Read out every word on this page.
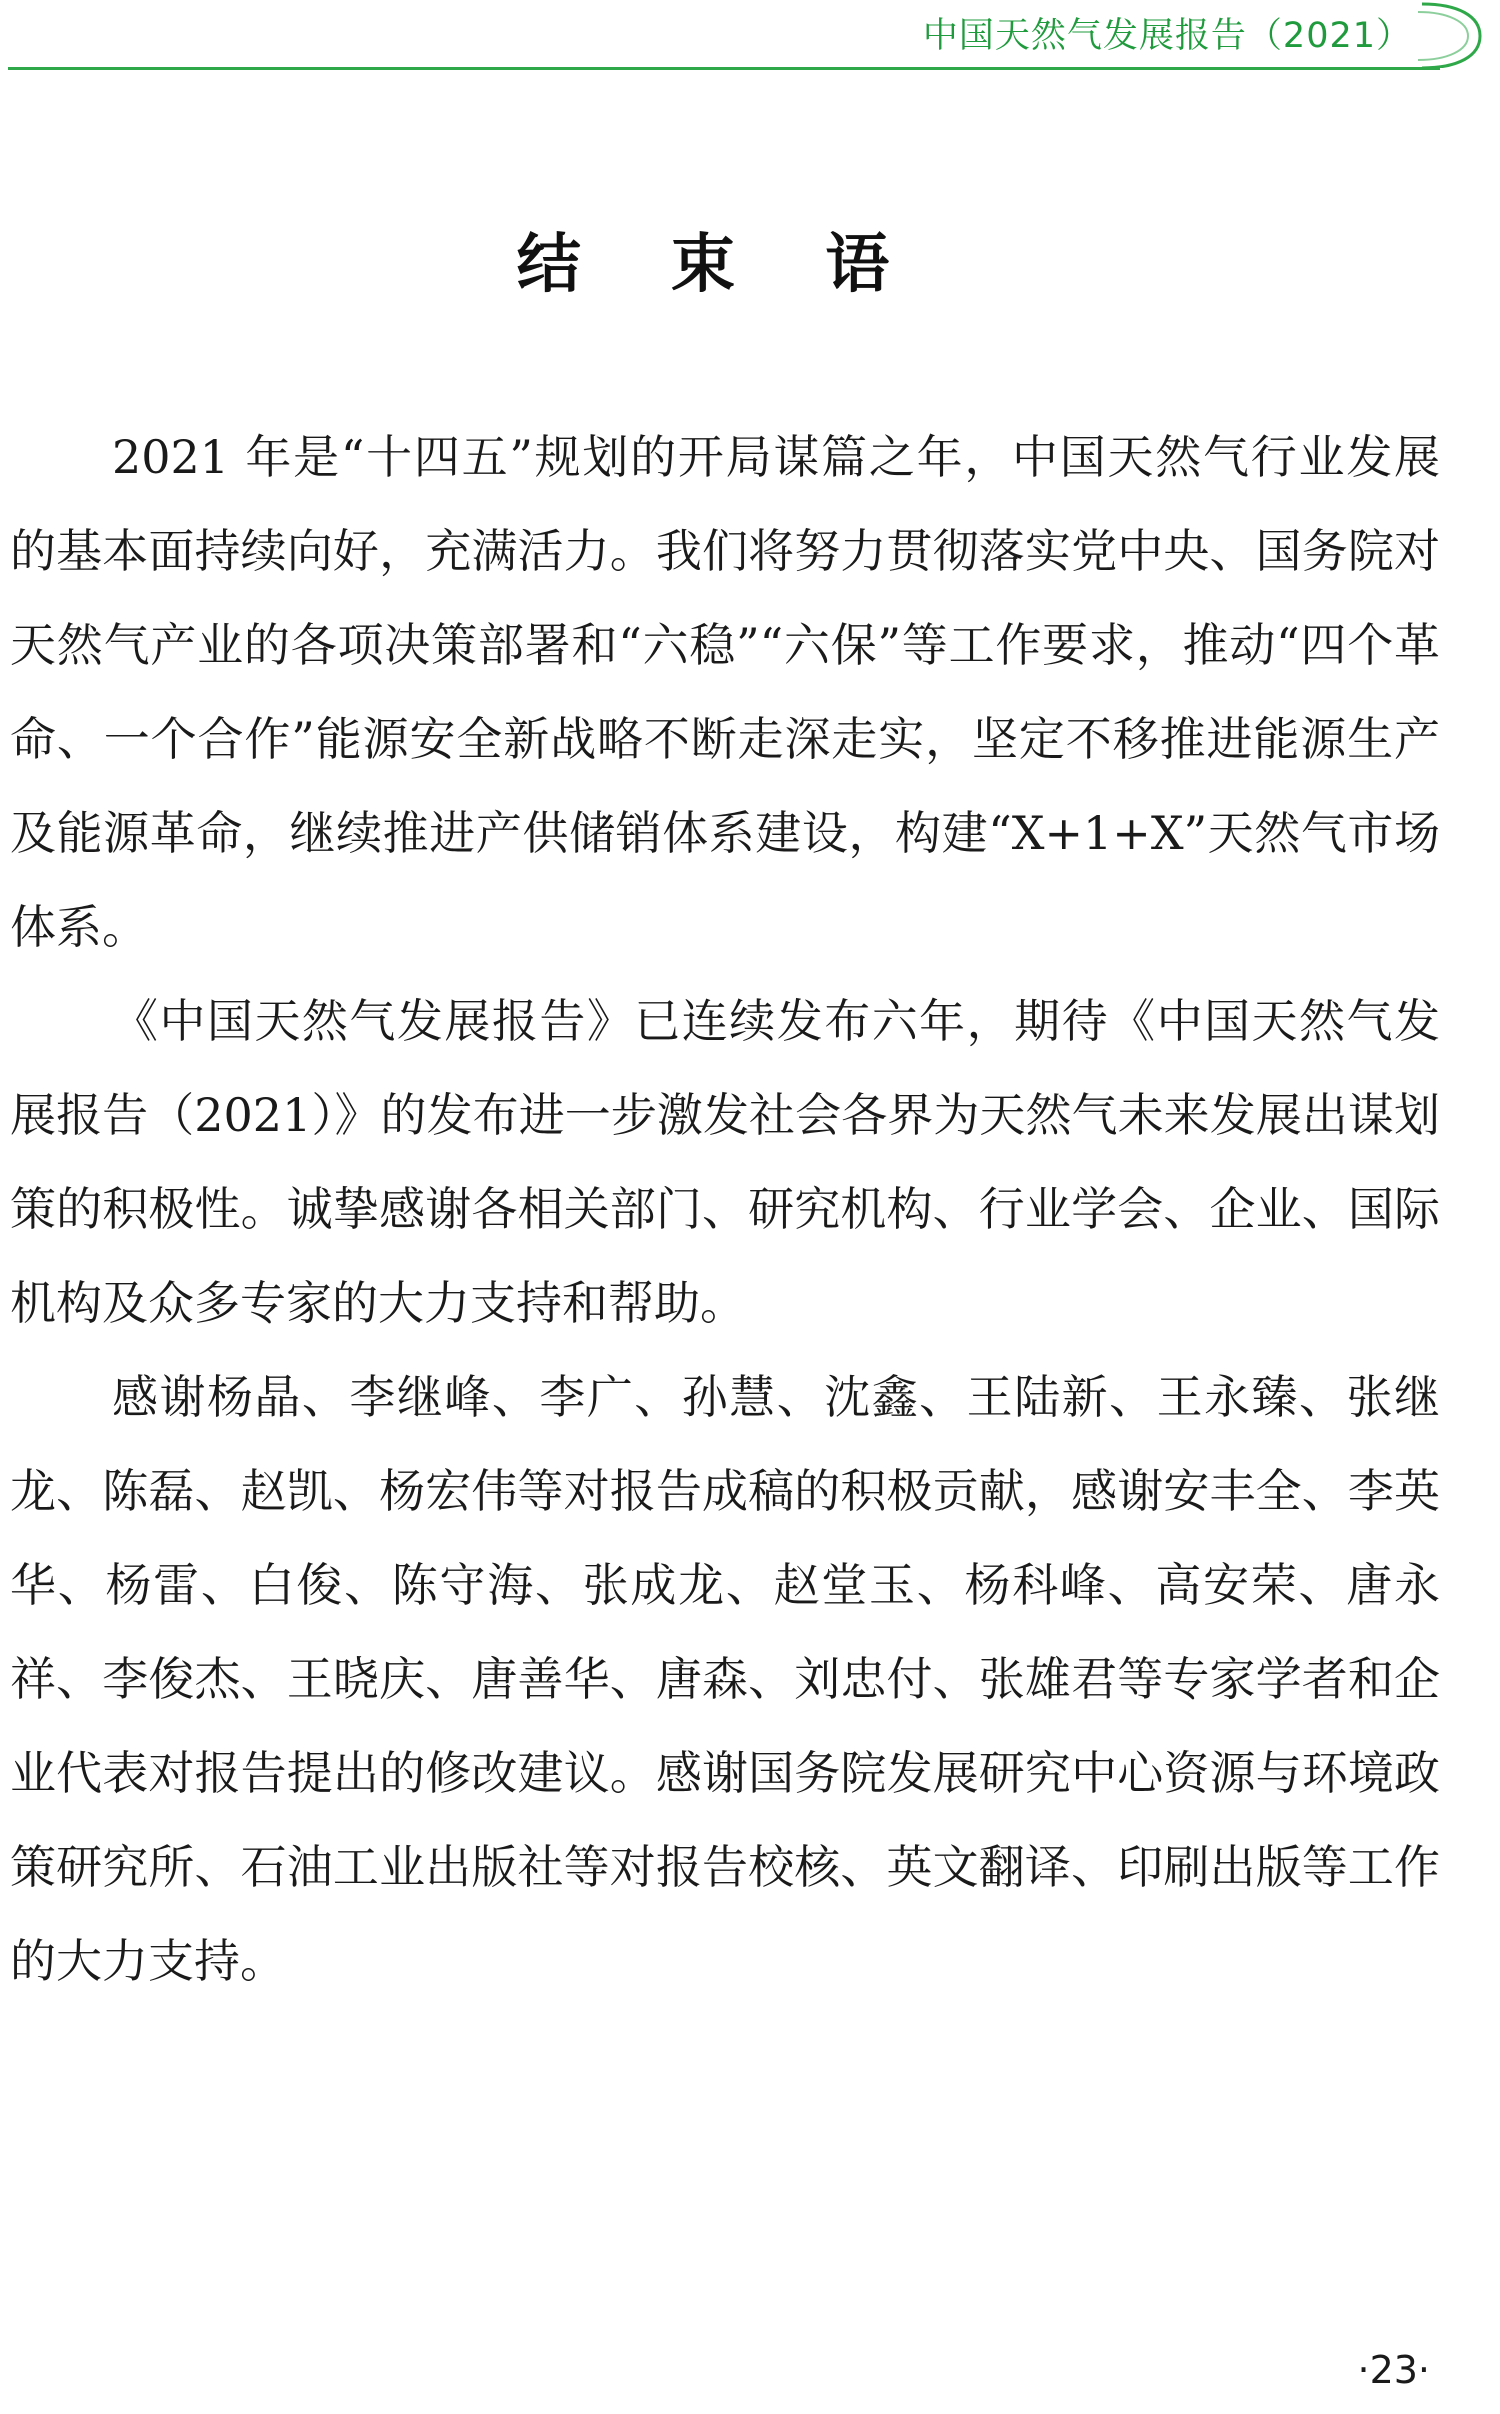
中国天然气发展报告（2021）
结 束 语

2021 年是“十四五”规划的开局谋篇之年，中国天然气行业发展的基本面持续向好，充满活力。我们将努力贯彻落实党中央、国务院对天然气产业的各项决策部署和“六稳”“六保”等工作要求，推动“四个革命、一个合作”能源安全新战略不断走深走实，坚定不移推进能源生产及能源革命，继续推进产供储销体系建设，构建“X+1+X”天然气市场体系。

《中国天然气发展报告》已连续发布六年，期待《中国天然气发展报告（2021）》的发布进一步激发社会各界为天然气未来发展出谋划策的积极性。诚挚感谢各相关部门、研究机构、行业学会、企业、国际机构及众多专家的大力支持和帮助。

感谢杨晶、李继峰、李广、孙慧、沈鑫、王陆新、王永臻、张继龙、陈磊、赵凯、杨宏伟等对报告成稿的积极贡献，感谢安丰全、李英华、杨雷、白俊、陈守海、张成龙、赵堂玉、杨科峰、高安荣、唐永祥、李俊杰、王晓庆、唐善华、唐森、刘忠付、张雄君等专家学者和企业代表对报告提出的修改建议。感谢国务院发展研究中心资源与环境政策研究所、石油工业出版社等对报告校核、英文翻译、印刷出版等工作的大力支持。

·23·
